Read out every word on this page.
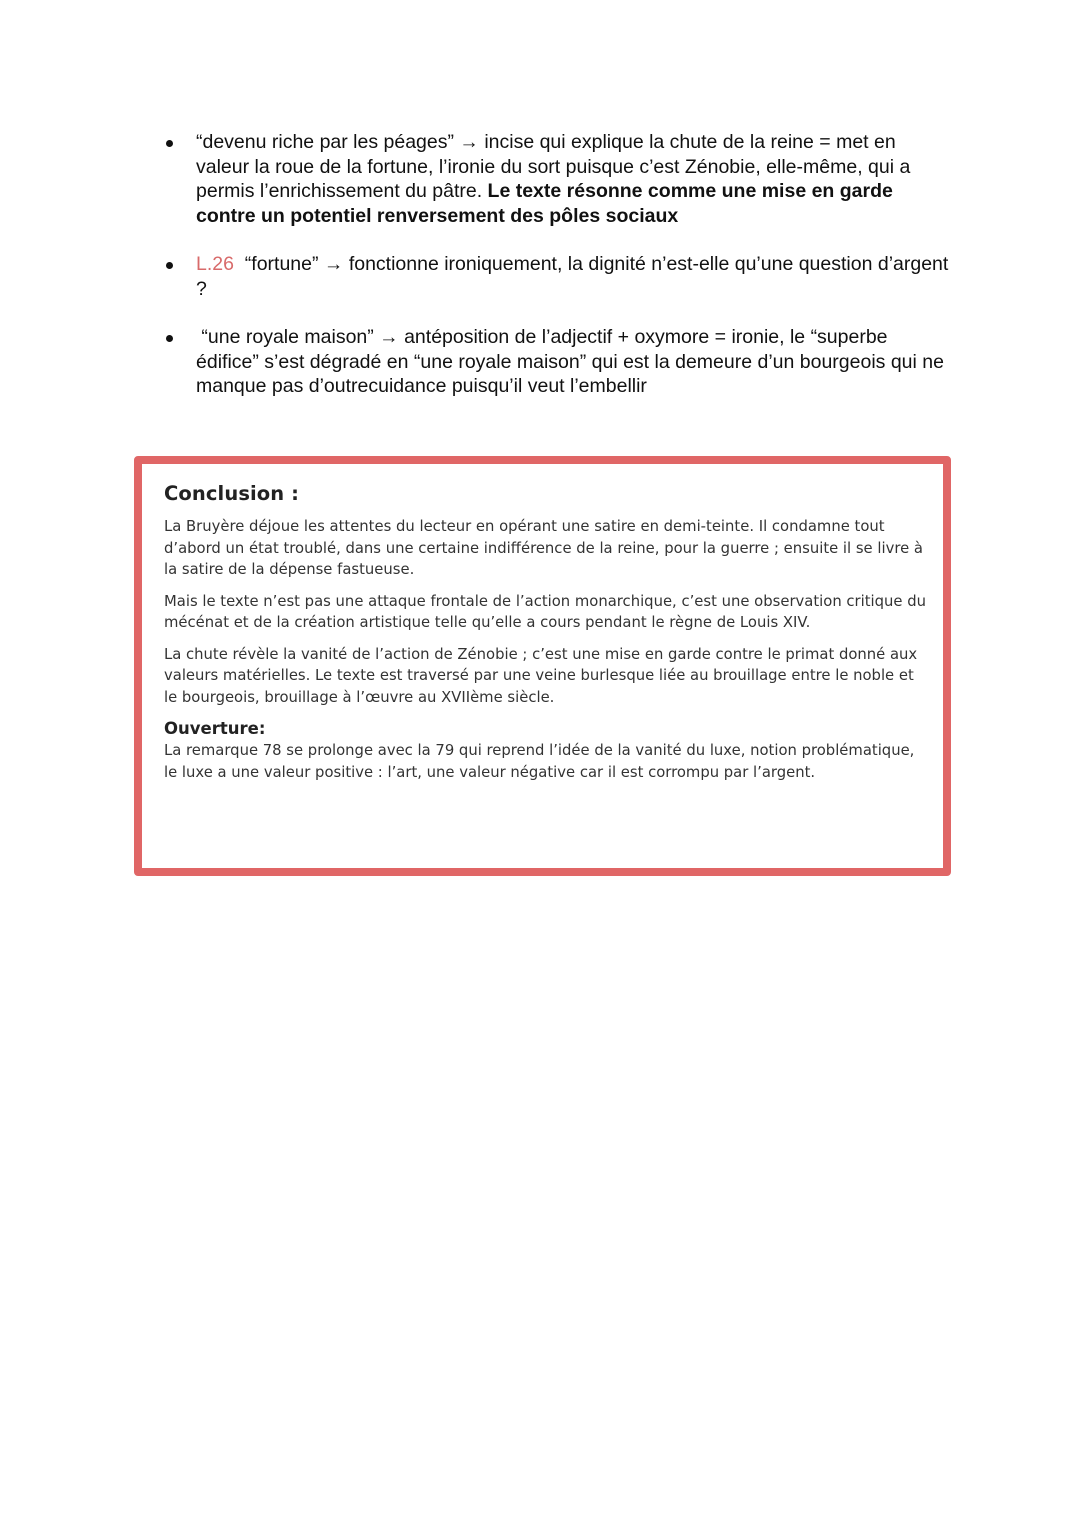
“devenu riche par les péages” → incise qui explique la chute de la reine = met en valeur la roue de la fortune, l’ironie du sort puisque c’est Zénobie, elle-même, qui a permis l’enrichissement du pâtre. Le texte résonne comme une mise en garde contre un potentiel renversement des pôles sociaux
L.26  “fortune” → fonctionne ironiquement, la dignité n’est-elle qu’une question d’argent ?
“une royale maison” → antéposition de l’adjectif + oxymore = ironie, le “superbe édifice” s’est dégradé en “une royale maison” qui est la demeure d’un bourgeois qui ne manque pas d’outrecuidance puisqu’il veut l’embellir
Conclusion :

La Bruyère déjoue les attentes du lecteur en opérant une satire en demi-teinte. Il condamne tout d’abord un état troublé, dans une certaine indifférence de la reine, pour la guerre ; ensuite il se livre à la satire de la dépense fastueuse.

Mais le texte n’est pas une attaque frontale de l’action monarchique, c’est une observation critique du mécénat et de la création artistique telle qu’elle a cours pendant le règne de Louis XIV.

La chute révèle la vanité de l’action de Zénobie ; c’est une mise en garde contre le primat donné aux valeurs matérielles. Le texte est traversé par une veine burlesque liée au brouillage entre le noble et le bourgeois, brouillage à l’œuvre au XVIIème siècle.

Ouverture:

La remarque 78 se prolonge avec la 79 qui reprend l’idée de la vanité du luxe, notion problématique, le luxe a une valeur positive : l’art, une valeur négative car il est corrompu par l’argent.
